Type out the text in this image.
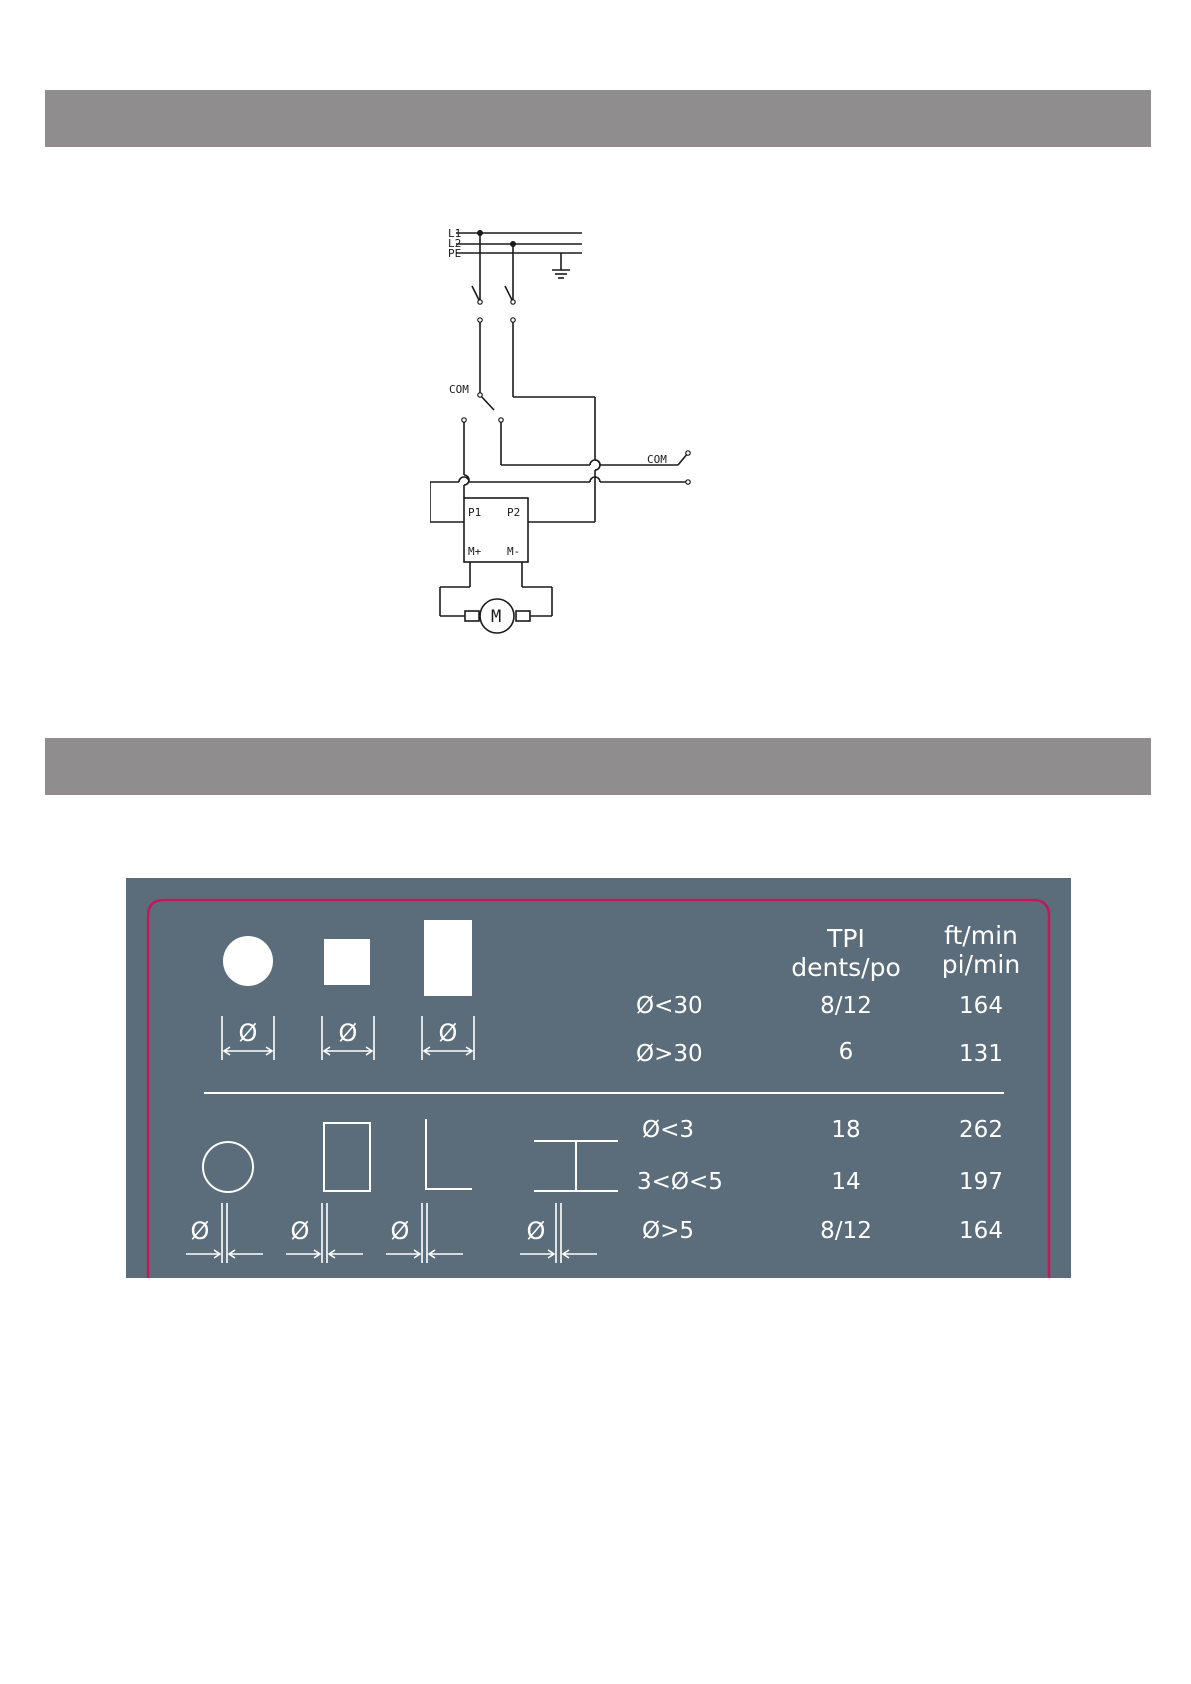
L1
L2
PE
COM
COM
P1 P2
M+ M-
M
Ø	Ø	Ø
Ø	Ø	Ø	Ø
TPI
dents/po
ft/min
pi/min
Ø<30	8/12	164
Ø>30	6	131
Ø<3	18	262
3<Ø<5	14	197
Ø>5	8/12	164
